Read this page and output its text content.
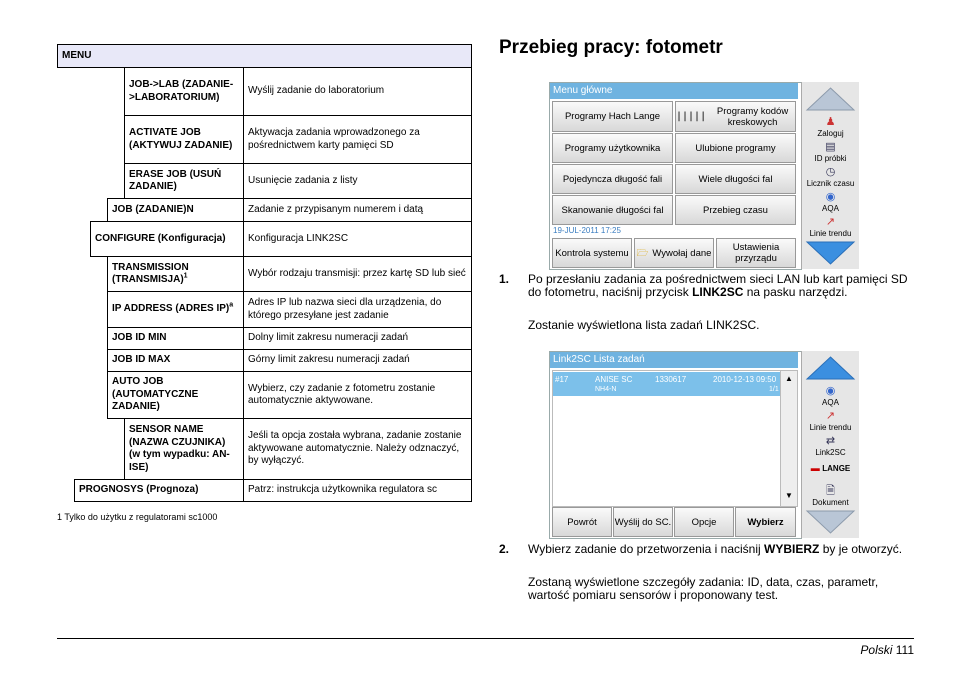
MENU					
				JOB->LAB (ZADANIE->LABORATORIUM)	Wyślij zadanie do laboratorium
				ACTIVATE JOB (AKTYWUJ ZADANIE)	Aktywacja zadania wprowadzonego za pośrednictwem karty pamięci SD
				ERASE JOB (USUŃ ZADANIE)	Usunięcie zadania z listy
			JOB (ZADANIE)N		Zadanie z przypisanym numerem i datą
		CONFIGURE (Konfiguracja)			Konfiguracja LINK2SC
			TRANSMISSION (TRANSMISJA)$^1$		Wybór rodzaju transmisji: przez kartę SD lub sieć
			IP ADDRESS (ADRES IP)$^a$		Adres IP lub nazwa sieci dla urządzenia, do którego przesyłane jest zadanie
			JOB ID MIN		Dolny limit zakresu numeracji zadań
			JOB ID MAX		Górny limit zakresu numeracji zadań
			AUTO JOB (AUTOMATYCZNE ZADANIE)		Wybierz, czy zadanie z fotometru zostanie automatycznie aktywowane.
				SENSOR NAME (NAZWA CZUJNIKA) (w tym wypadku: AN-ISE)	Jeśli ta opcja została wybrana, zadanie zostanie aktywowane automatycznie. Należy odznaczyć, by wyłączyć.
	PROGNOSYS (Prognoza)				Patrz: instrukcja użytkownika regulatora sc
1 Tylko do użytku z regulatorami sc1000
Przebieg pracy: fotometr
Menu główne
Programy Hach Lange	|||||	Programy kodów kreskowych
Programy użytkownika	Ulubione programy
Pojedyncza długość fali	Wiele długości fal
Skanowanie długości fal	Przebieg czasu
19-JUL-2011 17:25
Kontrola systemu 🗁 Wywołaj dane	Ustawienia przyrządu
♟
Zaloguj
▤
ID próbki
◷
Licznik czasu
◉
AQA
↗
Linie trendu
1. Po przesłaniu zadania za pośrednictwem sieci LAN lub kart pamięci SD do fotometru, naciśnij przycisk LINK2SC na pasku narzędzi.
Zostanie wyświetlona lista zadań LINK2SC.
Link2SC Lista zadań
#17	ANISE SC	1330617	2010-12-13 09:50
NH4-N	1/1
▲
▼
Powrót	Wyślij do SC.	Opcje	Wybierz
◉
AQA
↗
Linie trendu
⇄
Link2SC
▬ LANGE
🗎
Dokument
2. Wybierz zadanie do przetworzenia i naciśnij WYBIERZ by je otworzyć.
Zostaną wyświetlone szczegóły zadania: ID, data, czas, parametr, wartość pomiaru sensorów i proponowany test.
Polski 111
